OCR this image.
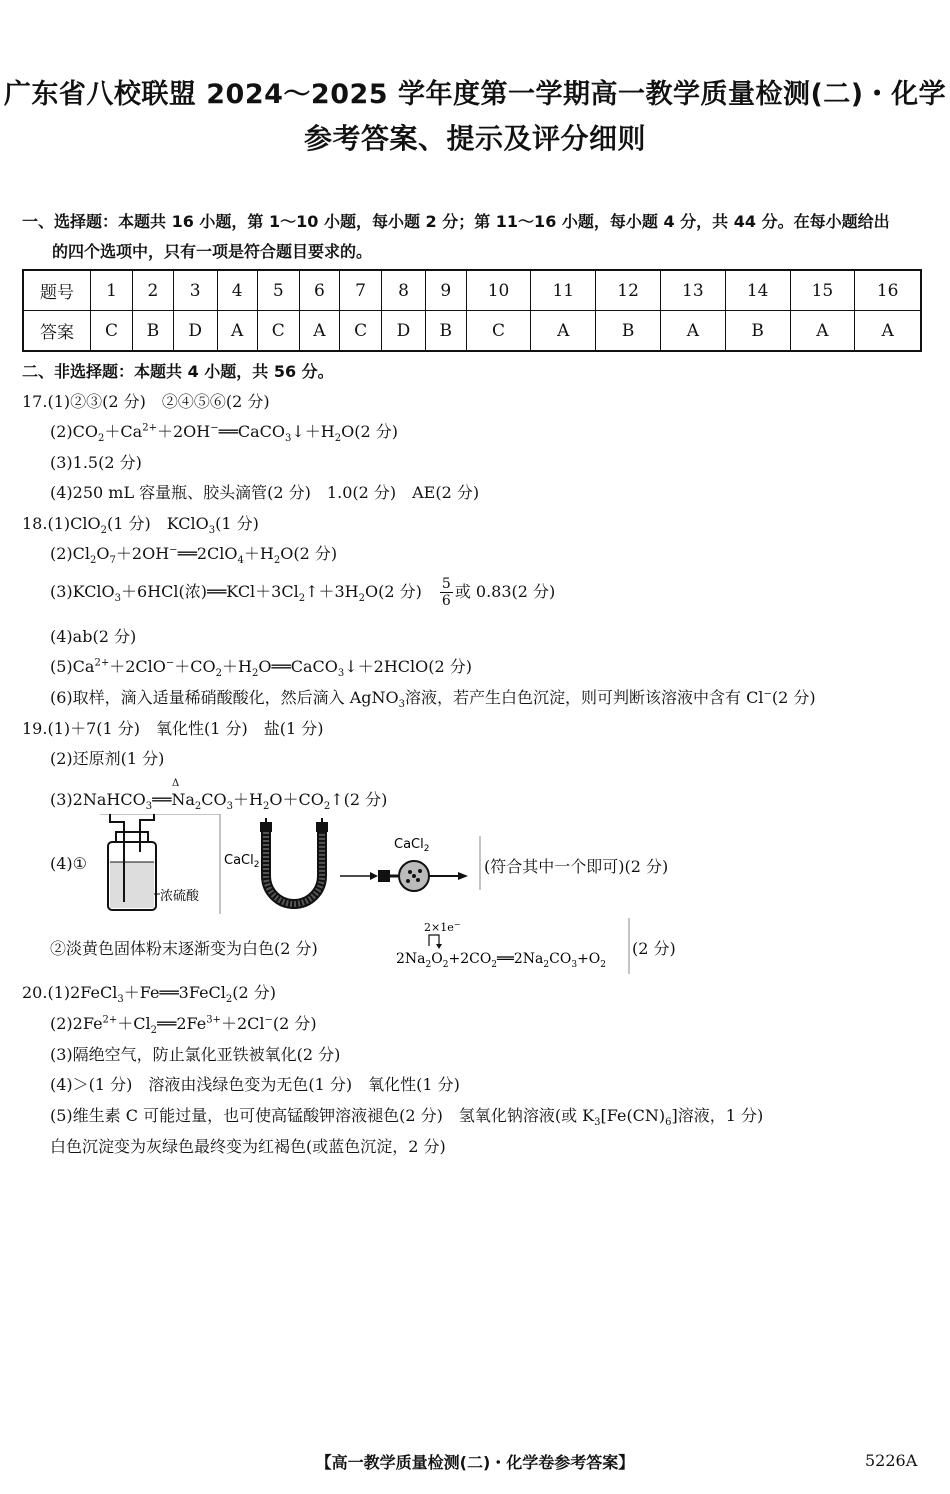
广东省八校联盟 2024～2025 学年度第一学期高一教学质量检测(二)・化学
参考答案、提示及评分细则
一、选择题：本题共 16 小题，第 1～10 小题，每小题 2 分；第 11～16 小题，每小题 4 分，共 44 分。在每小题给出
的四个选项中，只有一项是符合题目要求的。
题号	1	2	3	4	5	6	7	8	9	10	11	12	13	14	15	16
答案	C	B	D	A	C	A	C	D	B	C	A	B	A	B	A	A
二、非选择题：本题共 4 小题，共 56 分。
17.(1)②③(2 分)　②④⑤⑥(2 分)
$(2)CO_2+Ca^{2+}+2OH^-══CaCO_3↓+H_2O(2$ 分)
(3)1.5(2 分)
(4)250 mL 容量瓶、胶头滴管(2 分)　1.0(2 分)　AE(2 分)
18.(1)ClO$_2$(1 分)　KClO$_3$(1 分)
$(2)Cl_2O_7+2OH^-══2ClO_4+H_2O(2$ 分)
(3)KClO$_3$＋6HCl(浓)$══KCl+3Cl_2↑+3H_2O(2$ 分)　 $\frac{5}{6}$ 或 0.83(2 分)
(4)ab(2 分)
$(5)Ca^{2+}+2ClO^-+CO_2+H_2O══CaCO_3↓+2HClO(2$ 分)
(6)取样，滴入适量稀硝酸酸化，然后滴入 AgNO$_3$溶液，若产生白色沉淀，则可判断该溶液中含有 Cl−(2 分)
19.(1)＋7(1 分)　氧化性(1 分)　盐(1 分)
(2)还原剂(1 分)
Δ
$(3)2NaHCO_3══Na_2CO_3+H_2O+CO_2↑(2$ 分)
(4)①
浓硫酸
CaCl$_2$
CaCl$_2$
(符合其中一个即可)(2 分)
②淡黄色固体粉末逐渐变为白色(2 分)
2×1e−
$2Na_2O_2+2CO_2══2Na_2CO_3+O_2$
(2 分)
20.(1)2FeCl$_3$＋Fe══3FeCl$_2$(2 分)
$(2)2Fe^{2+}+Cl_2══2Fe^{3+}+2Cl^-(2$ 分)
(3)隔绝空气，防止氯化亚铁被氧化(2 分)
(4)＞(1 分)　溶液由浅绿色变为无色(1 分)　氧化性(1 分)
(5)维生素 C 可能过量，也可使高锰酸钾溶液褪色(2 分)　氢氧化钠溶液(或 $K_3[Fe(CN)_6]$溶液，1 分)
白色沉淀变为灰绿色最终变为红褐色(或蓝色沉淀，2 分)
【高一教学质量检测(二)・化学卷参考答案】	5226A
